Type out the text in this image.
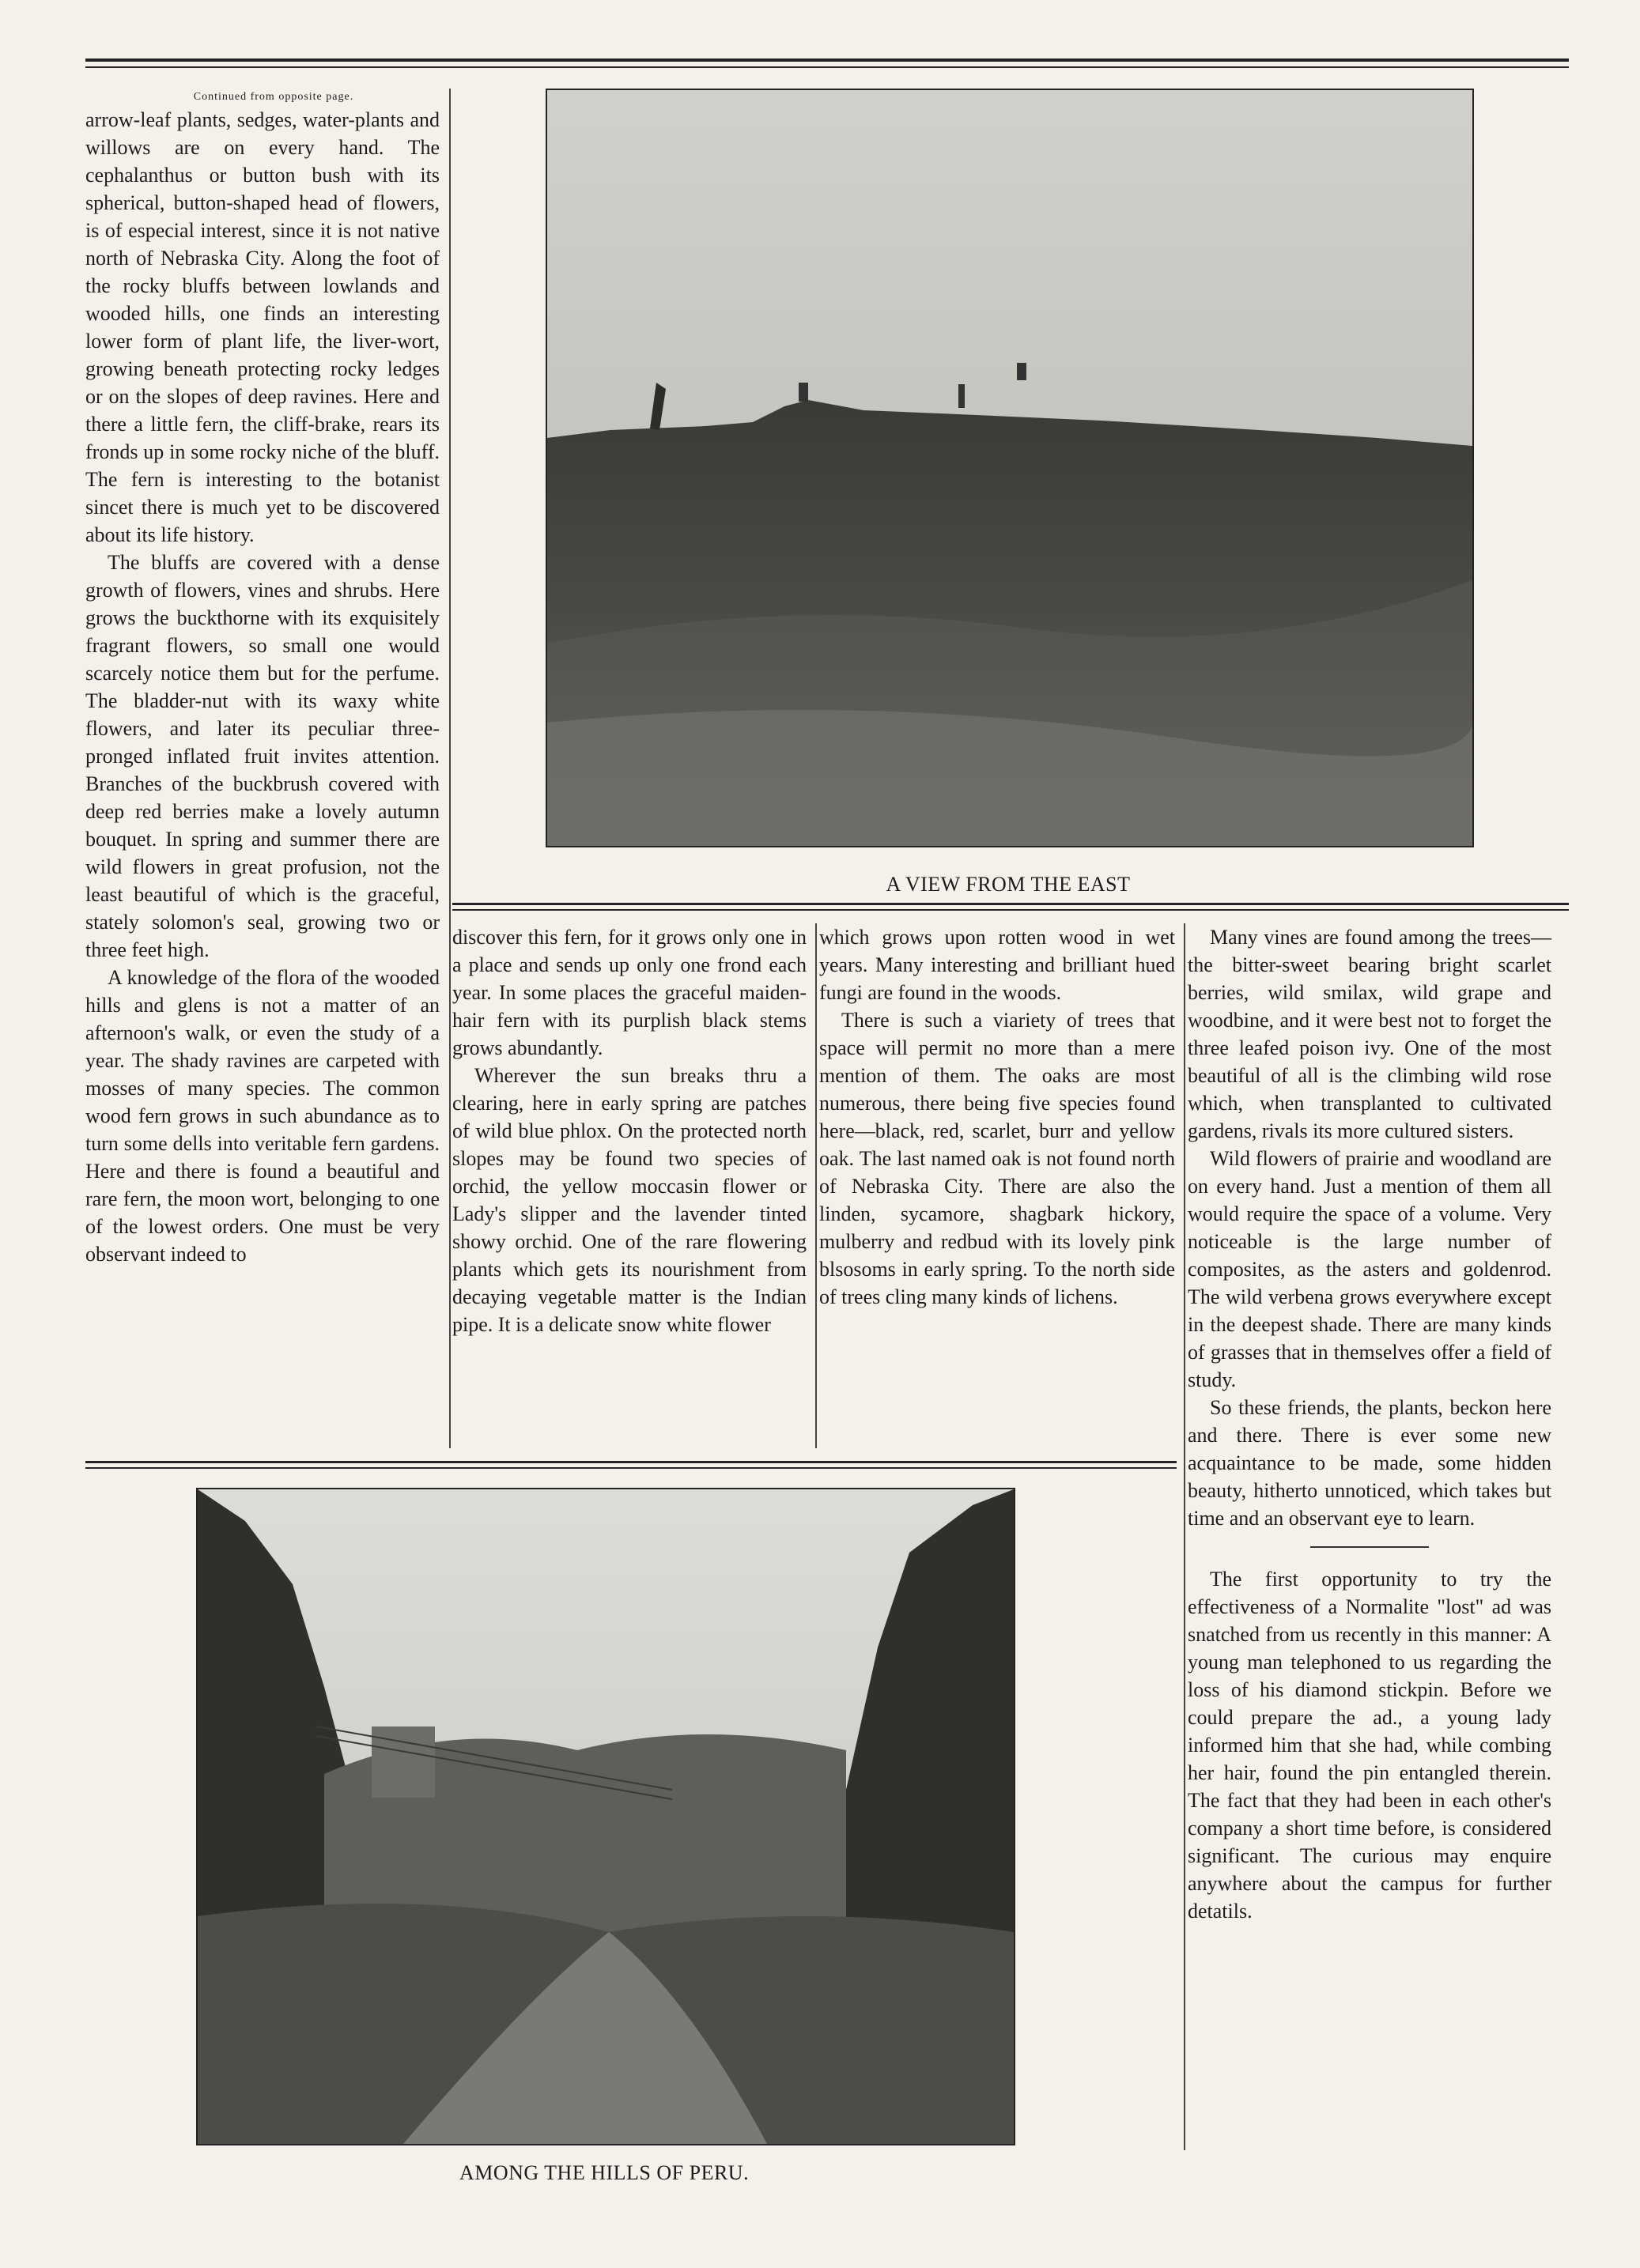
Continued from opposite page.

arrow-leaf plants, sedges, water-plants and willows are on every hand. The cephalanthus or button bush with its spherical, button-shaped head of flowers, is of especial interest, since it is not native north of Nebraska City. Along the foot of the rocky bluffs between lowlands and wooded hills, one finds an interesting lower form of plant life, the liver-wort, growing beneath protecting rocky ledges or on the slopes of deep ravines. Here and there a little fern, the cliff-brake, rears its fronds up in some rocky niche of the bluff. The fern is interesting to the botanist sincet there is much yet to be discovered about its life history.

The bluffs are covered with a dense growth of flowers, vines and shrubs. Here grows the buckthorne with its exquisitely fragrant flowers, so small one would scarcely notice them but for the perfume. The bladder-nut with its waxy white flowers, and later its peculiar three-pronged inflated fruit invites attention. Branches of the buckbrush covered with deep red berries make a lovely autumn bouquet. In spring and summer there are wild flowers in great profusion, not the least beautiful of which is the graceful, stately solomon's seal, growing two or three feet high.

A knowledge of the flora of the wooded hills and glens is not a matter of an afternoon's walk, or even the study of a year. The shady ravines are carpeted with mosses of many species. The common wood fern grows in such abundance as to turn some dells into veritable fern gardens. Here and there is found a beautiful and rare fern, the moon wort, belonging to one of the lowest orders. One must be very observant indeed to

A VIEW FROM THE EAST

discover this fern, for it grows only one in a place and sends up only one frond each year. In some places the graceful maiden-hair fern with its purplish black stems grows abundantly.

Wherever the sun breaks thru a clearing, here in early spring are patches of wild blue phlox. On the protected north slopes may be found two species of orchid, the yellow moccasin flower or Lady's slipper and the lavender tinted showy orchid. One of the rare flowering plants which gets its nourishment from decaying vegetable matter is the Indian pipe. It is a delicate snow white flower

which grows upon rotten wood in wet years. Many interesting and brilliant hued fungi are found in the woods.

There is such a viariety of trees that space will permit no more than a mere mention of them. The oaks are most numerous, there being five species found here—black, red, scarlet, burr and yellow oak. The last named oak is not found north of Nebraska City. There are also the linden, sycamore, shagbark hickory, mulberry and redbud with its lovely pink blsosoms in early spring. To the north side of trees cling many kinds of lichens.

Many vines are found among the trees—the bitter-sweet bearing bright scarlet berries, wild smilax, wild grape and woodbine, and it were best not to forget the three leafed poison ivy. One of the most beautiful of all is the climbing wild rose which, when transplanted to cultivated gardens, rivals its more cultured sisters.

Wild flowers of prairie and woodland are on every hand. Just a mention of them all would require the space of a volume. Very noticeable is the large number of composites, as the asters and goldenrod. The wild verbena grows everywhere except in the deepest shade. There are many kinds of grasses that in themselves offer a field of study.

So these friends, the plants, beckon here and there. There is ever some new acquaintance to be made, some hidden beauty, hitherto unnoticed, which takes but time and an observant eye to learn.

The first opportunity to try the effectiveness of a Normalite "lost" ad was snatched from us recently in this manner: A young man telephoned to us regarding the loss of his diamond stickpin. Before we could prepare the ad., a young lady informed him that she had, while combing her hair, found the pin entangled therein. The fact that they had been in each other's company a short time before, is considered significant. The curious may enquire anywhere about the campus for further detatils.

AMONG THE HILLS OF PERU.
